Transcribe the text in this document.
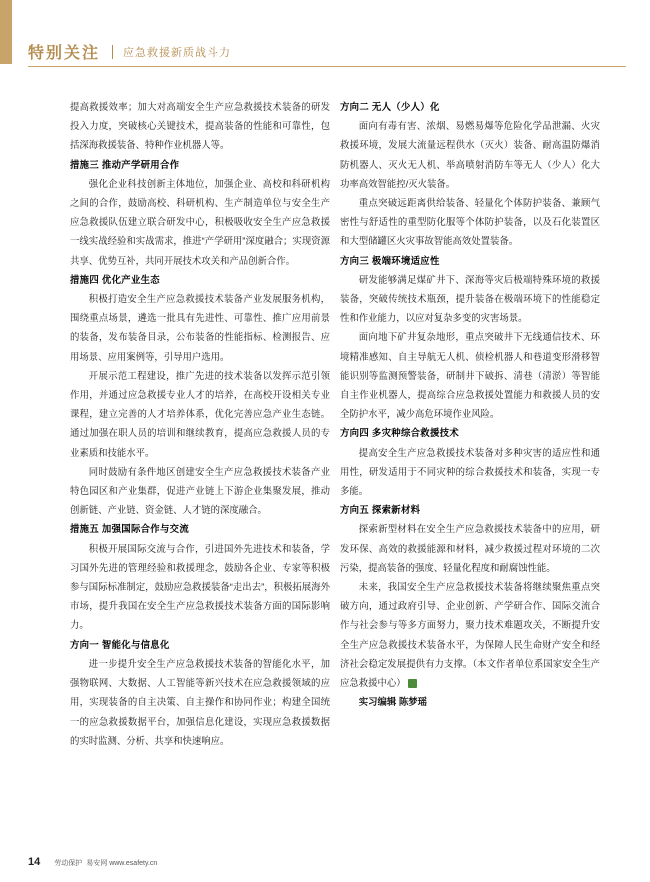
特别关注 应急救援新质战斗力

提高救援效率；加大对高端安全生产应急救援技术装备的研发投入力度，突破核心关键技术，提高装备的性能和可靠性，包括深海救援装备、特种作业机器人等。

措施三 推动产学研用合作

强化企业科技创新主体地位，加强企业、高校和科研机构之间的合作，鼓励高校、科研机构、生产制造单位与安全生产应急救援队伍建立联合研发中心，积极吸收安全生产应急救援一线实战经验和实战需求，推进“产学研用”深度融合；实现资源共享、优势互补，共同开展技术攻关和产品创新合作。

措施四 优化产业生态

积极打造安全生产应急救援技术装备产业发展服务机构，围绕重点场景，遴选一批具有先进性、可靠性、推广应用前景的装备，发布装备目录，公布装备的性能指标、检测报告、应用场景、应用案例等，引导用户选用。

开展示范工程建设，推广先进的技术装备以发挥示范引领作用，并通过应急救援专业人才的培养，在高校开设相关专业课程，建立完善的人才培养体系，优化完善应急产业生态链。通过加强在职人员的培训和继续教育，提高应急救援人员的专业素质和技能水平。

同时鼓励有条件地区创建安全生产应急救援技术装备产业特色园区和产业集群，促进产业链上下游企业集聚发展，推动创新链、产业链、资金链、人才链的深度融合。

措施五 加强国际合作与交流

积极开展国际交流与合作，引进国外先进技术和装备，学习国外先进的管理经验和救援理念，鼓励各企业、专家等积极参与国际标准制定，鼓励应急救援装备“走出去”，积极拓展海外市场，提升我国在安全生产应急救援技术装备方面的国际影响力。

方向一 智能化与信息化

进一步提升安全生产应急救援技术装备的智能化水平，加强物联网、大数据、人工智能等新兴技术在应急救援领域的应用，实现装备的自主决策、自主操作和协同作业；构建全国统一的应急救援数据平台，加强信息化建设，实现应急救援数据的实时监测、分析、共享和快速响应。

方向二 无人（少人）化

面向有毒有害、浓烟、易燃易爆等危险化学品泄漏、火灾救援环境，发展大流量远程供水（灭火）装备、耐高温防爆消防机器人、灭火无人机、举高喷射消防车等无人（少人）化大功率高效智能控/灭火装备。

重点突破远距离供给装备、轻量化个体防护装备、兼顾气密性与舒适性的重型防化服等个体防护装备，以及石化装置区和大型储罐区火灾事故智能高效处置装备。

方向三 极端环境适应性

研发能够满足煤矿井下、深海等灾后极端特殊环境的救援装备，突破传统技术瓶颈，提升装备在极端环境下的性能稳定性和作业能力，以应对复杂多变的灾害场景。

面向地下矿井复杂地形，重点突破井下无线通信技术、环境精准感知、自主导航无人机、侦检机器人和巷道变形滑移智能识别等监测预警装备，研制井下破拆、清巷（清淤）等智能自主作业机器人，提高综合应急救援处置能力和救援人员的安全防护水平，减少高危环境作业风险。

方向四 多灾种综合救援技术

提高安全生产应急救援技术装备对多种灾害的适应性和通用性，研发适用于不同灾种的综合救援技术和装备，实现一专多能。

方向五 探索新材料

探索新型材料在安全生产应急救援技术装备中的应用，研发环保、高效的救援能源和材料，减少救援过程对环境的二次污染，提高装备的强度、轻量化程度和耐腐蚀性能。

未来，我国安全生产应急救援技术装备将继续聚焦重点突破方向，通过政府引导、企业创新、产学研合作、国际交流合作与社会参与等多方面努力，聚力技术难题攻关，不断提升安全生产应急救援技术装备水平，为保障人民生命财产安全和经济社会稳定发展提供有力支撑。（本文作者单位系国家安全生产应急救援中心）	圆

实习编辑 陈梦瑶

14 劳动保护 易安网 www.esafety.cn
